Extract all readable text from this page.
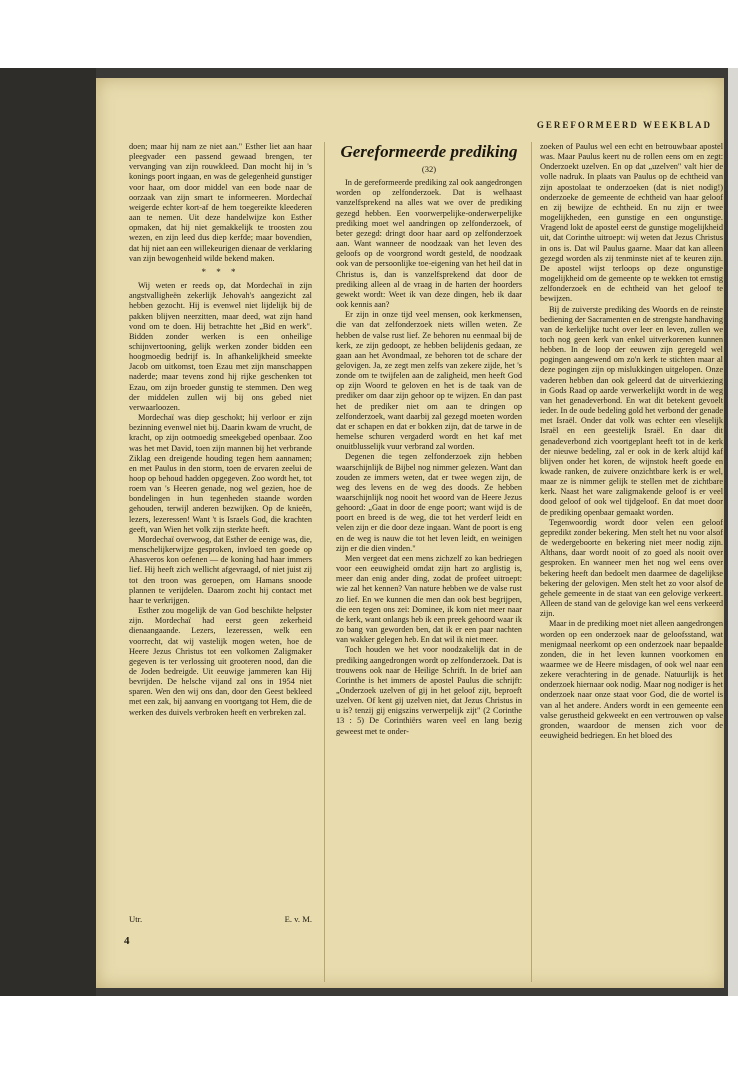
GEREFORMEERD WEEKBLAD

doen; maar hij nam ze niet aan." Esther liet aan haar pleegvader een passend gewaad brengen, ter vervanging van zijn rouwkleed. Dan mocht hij in 's konings poort ingaan, en was de gelegenheid gunstiger voor haar, om door middel van een bode naar de oorzaak van zijn smart te informeeren. Mordechaï weigerde echter kort-af de hem toegereikte kleederen aan te nemen. Uit deze handelwijze kon Esther opmaken, dat hij niet gemakkelijk te troosten zou wezen, en zijn leed dus diep kerfde; maar bovendien, dat hij niet aan een willekeurigen dienaar de verklaring van zijn bewogenheid wilde bekend maken.

* * *

Wij weten er reeds op, dat Mordechaï in zijn angstvalligheën zekerlijk Jehovah's aangezicht zal hebben gezocht. Hij is evenwel niet lijdelijk bij de pakken blijven neerzitten, maar deed, wat zijn hand vond om te doen. Hij betrachtte het „Bid en werk". Bidden zonder werken is een onheilige schijnvertooning, gelijk werken zonder bidden een hoogmoedig bedrijf is. In afhankelijkheid smeekte Jacob om uitkomst, toen Ezau met zijn manschappen naderde; maar tevens zond hij rijke geschenken tot Ezau, om zijn broeder gunstig te stemmen. Den weg der middelen zullen wij bij ons gebed niet verwaarloozen.

Mordechaï was diep geschokt; hij verloor er zijn bezinning evenwel niet bij. Daarin kwam de vrucht, de kracht, op zijn ootmoedig smeekgebed openbaar. Zoo was het met David, toen zijn mannen bij het verbrande Ziklag een dreigende houding tegen hem aannamen; en met Paulus in den storm, toen de ervaren zeelui de hoop op behoud hadden opgegeven. Zoo wordt het, tot roem van 's Heeren genade, nog wel gezien, hoe de bondelingen in hun tegenheden staande worden gehouden, terwijl anderen bezwijken. Op de knieën, lezers, lezeressen! Want 't is Israels God, die krachten geeft, van Wien het volk zijn sterkte heeft.

Mordechaï overwoog, dat Esther de eenige was, die, menschelijkerwijze gesproken, invloed ten goede op Ahasveros kon oefenen — de koning had haar immers lief. Hij heeft zich wellicht afgevraagd, of niet juist zij tot den troon was geroepen, om Hamans snoode plannen te verijdelen. Daarom zocht hij contact met haar te verkrijgen.

Esther zou mogelijk de van God beschikte helpster zijn. Mordechaï had eerst geen zekerheid dienaangaande. Lezers, lezeressen, welk een voorrecht, dat wij vastelijk mogen weten, hoe de Heere Jezus Christus tot een volkomen Zaligmaker gegeven is ter verlossing uit grooteren nood, dan die de Joden bedreigde. Uit eeuwige jammeren kan Hij bevrijden. De helsche vijand zal ons in 1954 niet sparen. Wen den wij ons dan, door den Geest bekleed met een zak, bij aanvang en voortgang tot Hem, die de werken des duivels verbroken heeft en verbreken zal.

Utr.	E. v. M.
Gereformeerde prediking
(32)

In de gereformeerde prediking zal ook aangedrongen worden op zelfonderzoek. Dat is welhaast vanzelfsprekend na alles wat we over de prediking gezegd hebben. Een voorwerpelijke-onderwerpelijke prediking moet wel aandringen op zelfonderzoek, of beter gezegd: dringt door haar aard op zelfonderzoek aan. Want wanneer de noodzaak van het leven des geloofs op de voorgrond wordt gesteld, de noodzaak ook van de persoonlijke toe-eigening van het heil dat in Christus is, dan is vanzelfsprekend dat door de prediking alleen al de vraag in de harten der hoorders gewekt wordt: Weet ik van deze dingen, heb ik daar ook kennis aan?

Er zijn in onze tijd veel mensen, ook kerkmensen, die van dat zelfonderzoek niets willen weten. Ze hebben de valse rust lief. Ze behoren nu eenmaal bij de kerk, ze zijn gedoopt, ze hebben belijdenis gedaan, ze gaan aan het Avondmaal, ze behoren tot de schare der gelovigen. Ja, ze zegt men zelfs van zekere zijde, het 's zonde om te twijfelen aan de zaligheid, men heeft God op zijn Woord te geloven en het is de taak van de prediker om daar zijn gehoor op te wijzen. En dan past het de prediker niet om aan te dringen op zelfonderzoek, want daarbij zal gezegd moeten worden dat er schapen en dat er bokken zijn, dat de tarwe in de hemelse schuren vergaderd wordt en het kaf met onuitblusselijk vuur verbrand zal worden.

Degenen die tegen zelfonderzoek zijn hebben waarschijnlijk de Bijbel nog nimmer gelezen. Want dan zouden ze immers weten, dat er twee wegen zijn, de weg des levens en de weg des doods. Ze hebben waarschijnlijk nog nooit het woord van de Heere Jezus gehoord: „Gaat in door de enge poort; want wijd is de poort en breed is de weg, die tot het verderf leidt en velen zijn er die door deze ingaan. Want de poort is eng en de weg is nauw die tot het leven leidt, en weinigen zijn er die dien vinden."

Men vergeet dat een mens zichzelf zo kan bedriegen voor een eeuwigheid omdat zijn hart zo arglistig is, meer dan enig ander ding, zodat de profeet uitroept: wie zal het kennen? Van nature hebben we de valse rust zo lief. En we kunnen die men dan ook best begrijpen, die een tegen ons zei: Dominee, ik kom niet meer naar de kerk, want onlangs heb ik een preek gehoord waar ik zo bang van geworden ben, dat ik er een paar nachten van wakker gelegen heb. En dat wil ik niet meer.

Toch houden we het voor noodzakelijk dat in de prediking aangedrongen wordt op zelfonderzoek. Dat is trouwens ook naar de Heilige Schrift. In de brief aan Corinthe is het immers de apostel Paulus die schrijft: „Onderzoek uzelven of gij in het geloof zijt, beproeft uzelven. Of kent gij uzelven niet, dat Jezus Christus in u is? tenzij gij enigszins verwerpelijk zijt" (2 Corinthe 13 : 5) De Corinthiërs waren veel en lang bezig geweest met te onder-

zoeken of Paulus wel een echt en betrouwbaar apostel was. Maar Paulus keert nu de rollen eens om en zegt: Onderzoekt uzelven. En op dat „uzelven" valt hier de volle nadruk. In plaats van Paulus op de echtheid van zijn apostolaat te onderzoeken (dat is niet nodig!) onderzoeke de gemeente de echtheid van haar geloof en zij bewijze de echtheid. En nu zijn er twee mogelijkheden, een gunstige en een ongunstige. Vragend lokt de apostel eerst de gunstige mogelijkheid uit, dat Corinthe uitroept: wij weten dat Jezus Christus in ons is. Dat wil Paulus gaarne. Maar dat kan alleen gezegd worden als zij tenminste niet af te keuren zijn. De apostel wijst terloops op deze ongunstige mogelijkheid om de gemeente op te wekken tot ernstig zelfonderzoek en de echtheid van het geloof te bewijzen.

Bij de zuiverste prediking des Woords en de reinste bediening der Sacramenten en de strengste handhaving van de kerkelijke tucht over leer en leven, zullen we toch nog geen kerk van enkel uitverkorenen kunnen hebben. In de loop der eeuwen zijn geregeld wel pogingen aangewend om zo'n kerk te stichten maar al deze pogingen zijn op mislukkingen uitgelopen. Onze vaderen hebben dan ook geleerd dat de uitverkiezing in Gods Raad op aarde verwerkelijkt wordt in de weg van het genadeverbond. En wat dit betekent gevoelt ieder. In de oude bedeling gold het verbond der genade met Israël. Onder dat volk was echter een vleselijk Israël en een geestelijk Israël. En daar dit genadeverbond zich voortgeplant heeft tot in de kerk der nieuwe bedeling, zal er ook in de kerk altijd kaf blijven onder het koren, de wijnstok heeft goede en kwade ranken, de zuivere onzichtbare kerk is er wel, maar ze is nimmer gelijk te stellen met de zichtbare kerk. Naast het ware zaligmakende geloof is er veel dood geloof of ook wel tijdgeloof. En dat moet door de prediking openbaar gemaakt worden.

Tegenwoordig wordt door velen een geloof gepredikt zonder bekering. Men stelt het nu voor alsof de wedergeboorte en bekering niet meer nodig zijn. Althans, daar wordt nooit of zo goed als nooit over gesproken. En wanneer men het nog wel eens over bekering heeft dan bedoelt men daarmee de dagelijkse bekering der gelovigen. Men stelt het zo voor alsof de gehele gemeente in de staat van een gelovige verkeert. Alleen de stand van de gelovige kan wel eens verkeerd zijn.

Maar in de prediking moet niet alleen aangedrongen worden op een onderzoek naar de geloofsstand, wat menigmaal neerkomt op een onderzoek naar bepaalde zonden, die in het leven kunnen voorkomen en waarmee we de Heere misdagen, of ook wel naar een zekere verachtering in de genade. Natuurlijk is het onderzoek hiernaar ook nodig. Maar nog nodiger is het onderzoek naar onze staat voor God, die de wortel is van al het andere. Anders wordt in een gemeente een valse gerustheid gekweekt en een vertrouwen op valse gronden, waardoor de mensen zich voor de eeuwigheid bedriegen. En het bloed des

4
